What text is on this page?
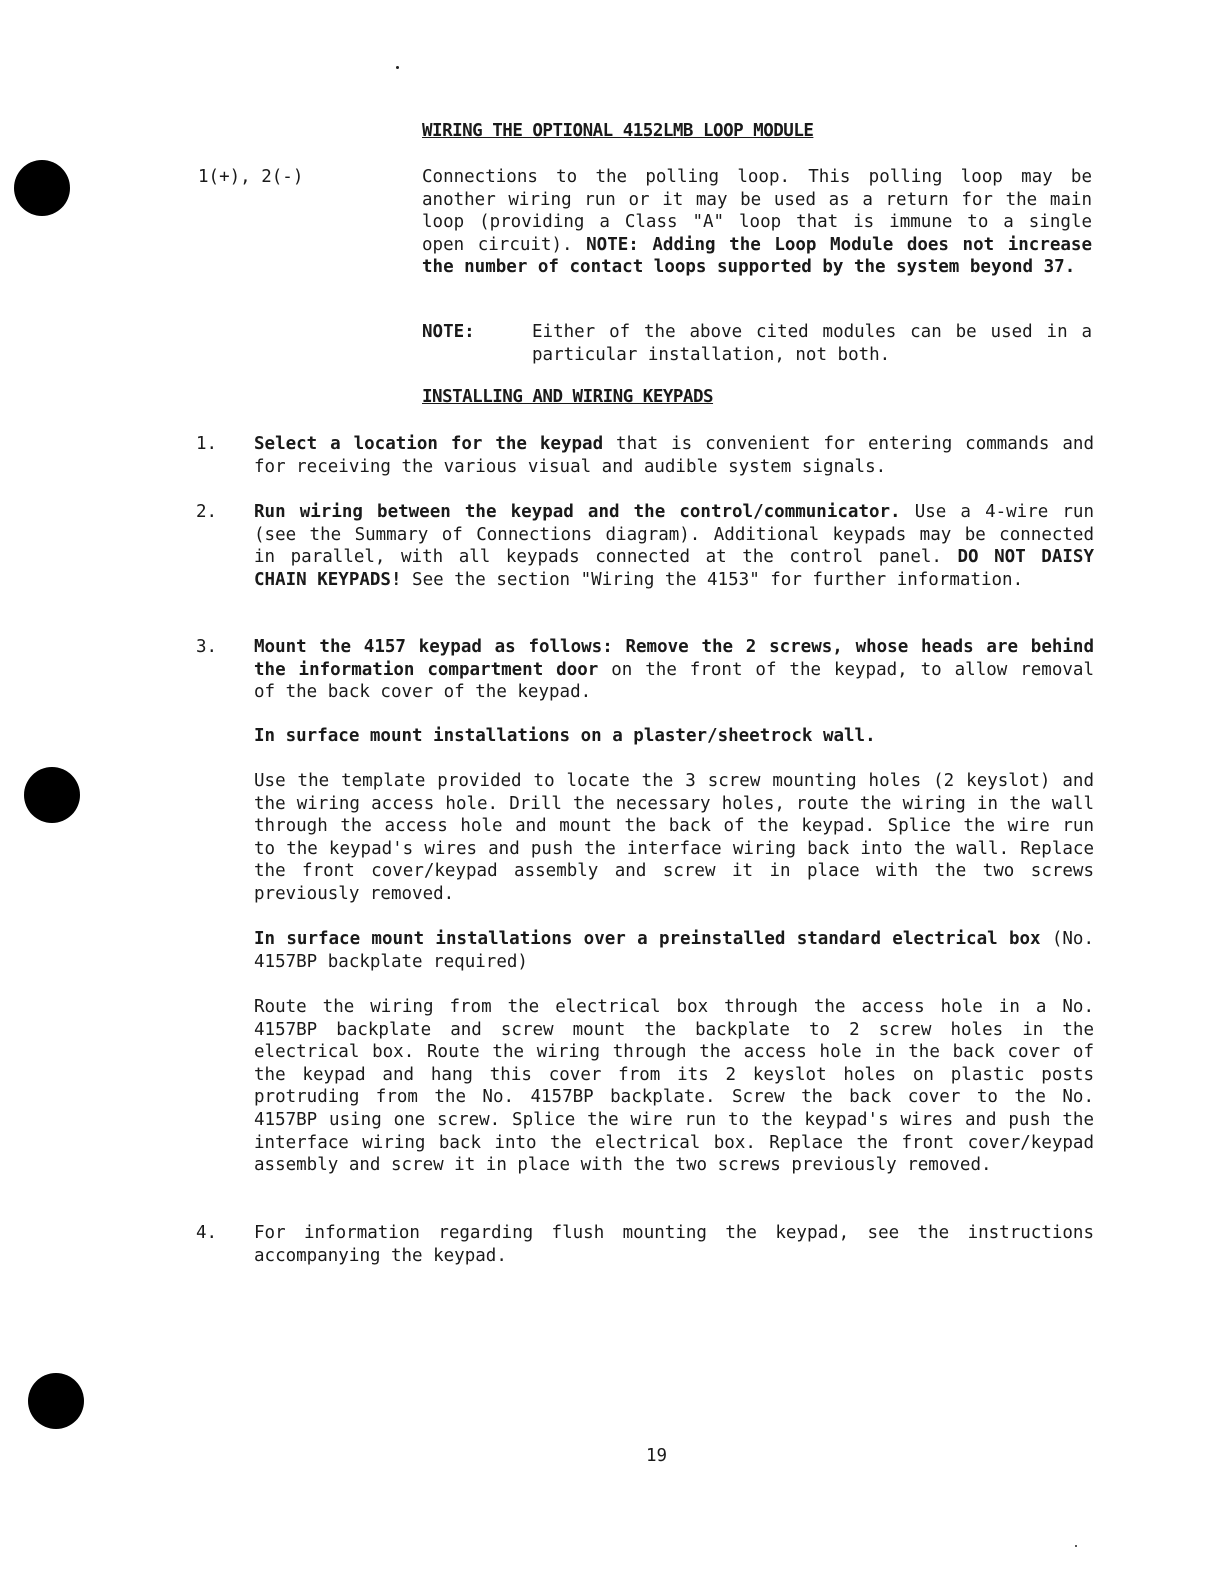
WIRING THE OPTIONAL 4152LMB LOOP MODULE
1(+), 2(-)	Connections to the polling loop. This polling loop may be another wiring run or it may be used as a return for the main loop (providing a Class "A" loop that is immune to a single open circuit). NOTE: Adding the Loop Module does not increase the number of contact loops supported by the system beyond 37.
NOTE:	Either of the above cited modules can be used in a particular installation, not both.
INSTALLING AND WIRING KEYPADS
1. Select a location for the keypad that is convenient for entering commands and for receiving the various visual and audible system signals.
2. Run wiring between the keypad and the control/communicator. Use a 4-wire run (see the Summary of Connections diagram). Additional keypads may be connected in parallel, with all keypads connected at the control panel. DO NOT DAISY CHAIN KEYPADS! See the section "Wiring the 4153" for further information.
3. Mount the 4157 keypad as follows: Remove the 2 screws, whose heads are behind the information compartment door on the front of the keypad, to allow removal of the back cover of the keypad.
In surface mount installations on a plaster/sheetrock wall.
Use the template provided to locate the 3 screw mounting holes (2 keyslot) and the wiring access hole. Drill the necessary holes, route the wiring in the wall through the access hole and mount the back of the keypad. Splice the wire run to the keypad's wires and push the interface wiring back into the wall. Replace the front cover/keypad assembly and screw it in place with the two screws previously removed.
In surface mount installations over a preinstalled standard electrical box (No. 4157BP backplate required)
Route the wiring from the electrical box through the access hole in a No. 4157BP backplate and screw mount the backplate to 2 screw holes in the electrical box. Route the wiring through the access hole in the back cover of the keypad and hang this cover from its 2 keyslot holes on plastic posts protruding from the No. 4157BP backplate. Screw the back cover to the No. 4157BP using one screw. Splice the wire run to the keypad's wires and push the interface wiring back into the electrical box. Replace the front cover/keypad assembly and screw it in place with the two screws previously removed.
4. For information regarding flush mounting the keypad, see the instructions accompanying the keypad.
19
